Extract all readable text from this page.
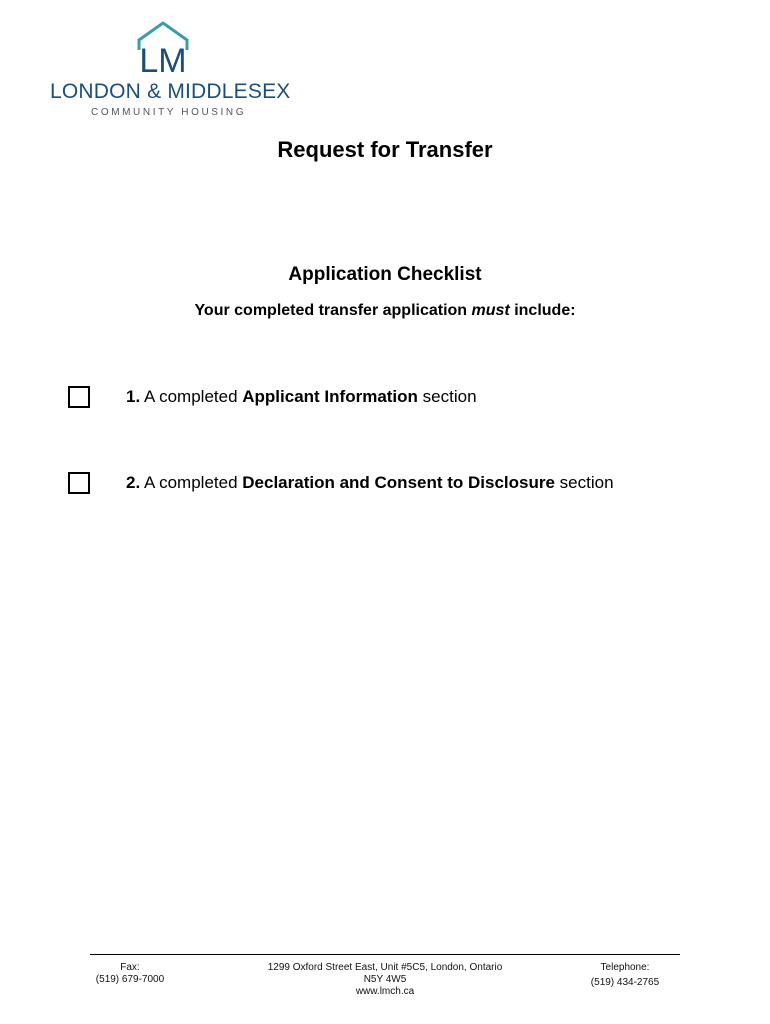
LM
LONDON & MIDDLESEX
COMMUNITY HOUSING
Request for Transfer
Application Checklist
Your completed transfer application must include:
1. A completed Applicant Information section
2. A completed Declaration and Consent to Disclosure section
Fax:
(519) 679-7000
1299 Oxford Street East, Unit #5C5, London, Ontario
N5Y 4W5
www.lmch.ca
Telephone:
(519) 434-2765
